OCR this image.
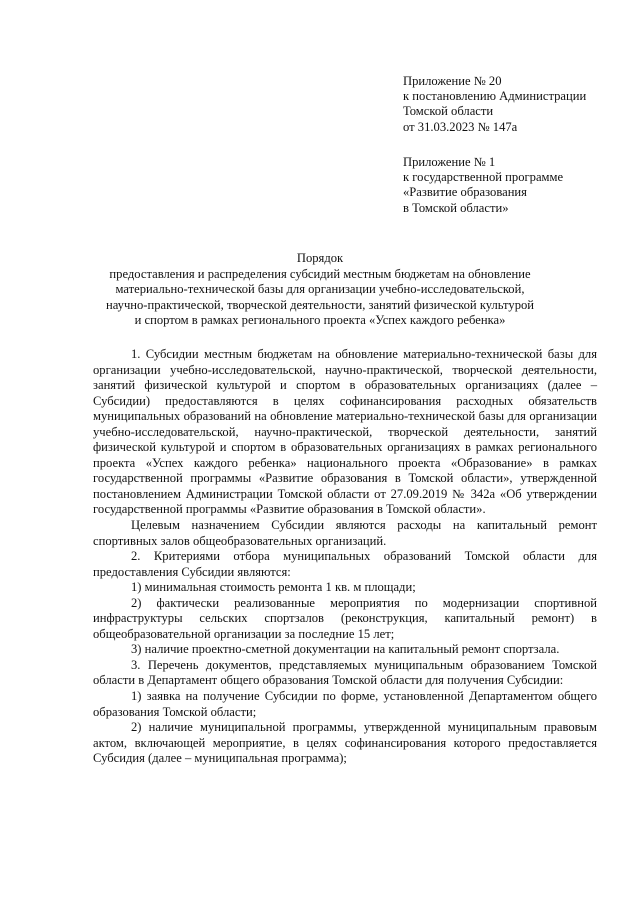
Приложение № 20
к постановлению Администрации
Томской области
от 31.03.2023 № 147а
Приложение № 1
к государственной программе
«Развитие образования
в Томской области»
Порядок
предоставления и распределения субсидий местным бюджетам на обновление
материально-технической базы для организации учебно-исследовательской,
научно-практической, творческой деятельности, занятий физической культурой
и спортом в рамках регионального проекта «Успех каждого ребенка»

1. Субсидии местным бюджетам на обновление материально-технической базы для организации учебно-исследовательской, научно-практической, творческой деятельности, занятий физической культурой и спортом в образовательных организациях (далее – Субсидии) предоставляются в целях софинансирования расходных обязательств муниципальных образований на обновление материально-технической базы для организации учебно-исследовательской, научно-практической, творческой деятельности, занятий физической культурой и спортом в образовательных организациях в рамках регионального проекта «Успех каждого ребенка» национального проекта «Образование» в рамках государственной программы «Развитие образования в Томской области», утвержденной постановлением Администрации Томской области от 27.09.2019 № 342а «Об утверждении государственной программы «Развитие образования в Томской области».

Целевым назначением Субсидии являются расходы на капитальный ремонт спортивных залов общеобразовательных организаций.

2. Критериями отбора муниципальных образований Томской области для предоставления Субсидии являются:

1) минимальная стоимость ремонта 1 кв. м площади;

2) фактически реализованные мероприятия по модернизации спортивной инфраструктуры сельских спортзалов (реконструкция, капитальный ремонт) в общеобразовательной организации за последние 15 лет;

3) наличие проектно-сметной документации на капитальный ремонт спортзала.

3. Перечень документов, представляемых муниципальным образованием Томской области в Департамент общего образования Томской области для получения Субсидии:

1) заявка на получение Субсидии по форме, установленной Департаментом общего образования Томской области;

2) наличие муниципальной программы, утвержденной муниципальным правовым актом, включающей мероприятие, в целях софинансирования которого предоставляется Субсидия (далее – муниципальная программа);
